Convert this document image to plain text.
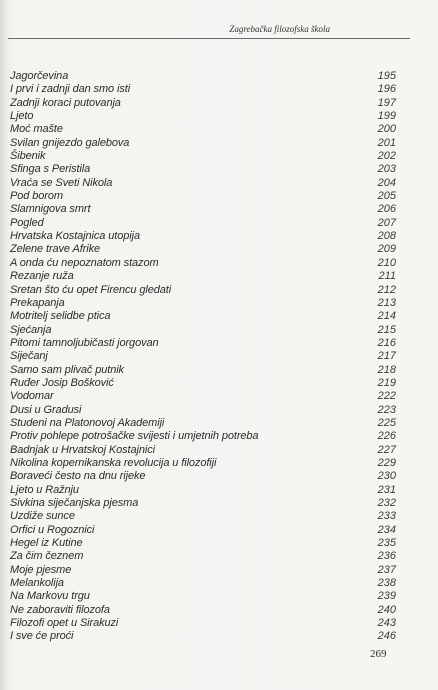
Zagrebačka filozofska škola
Jagorčevina	195
I prvi i zadnji dan smo isti	196
Zadnji koraci putovanja	197
Ljeto	199
Moć mašte	200
Svilan gnijezdo galebova	201
Šibenik	202
Sfinga s Peristila	203
Vraća se Sveti Nikola	204
Pod borom	205
Slamnigova smrt	206
Pogled	207
Hrvatska Kostajnica utopija	208
Zelene trave Afrike	209
A onda ću nepoznatom stazom	210
Rezanje ruža	211
Sretan što ću opet Firencu gledati	212
Prekapanja	213
Motritelj selidbe ptica	214
Sjećanja	215
Pitomi tamnoljubičasti jorgovan	216
Siječanj	217
Samo sam plivač putnik	218
Ruđer Josip Bošković	219
Vodomar	222
Dusi u Gradusi	223
Studeni na Platonovoj Akademiji	225
Protiv pohlepe potrošačke svijesti i umjetnih potreba	226
Badnjak u Hrvatskoj Kostajnici	227
Nikolina kopernikanska revolucija u filozofiji	229
Boraveći često na dnu rijeke	230
Ljeto u Ražnju	231
Sivkina siječanjska pjesma	232
Uzdiže sunce	233
Orfici u Rogoznici	234
Hegel iz Kutine	235
Za čim čeznem	236
Moje pjesme	237
Melankolija	238
Na Markovu trgu	239
Ne zaboraviti filozofa	240
Filozofi opet u Sirakuzi	243
I sve će proći	246
269
